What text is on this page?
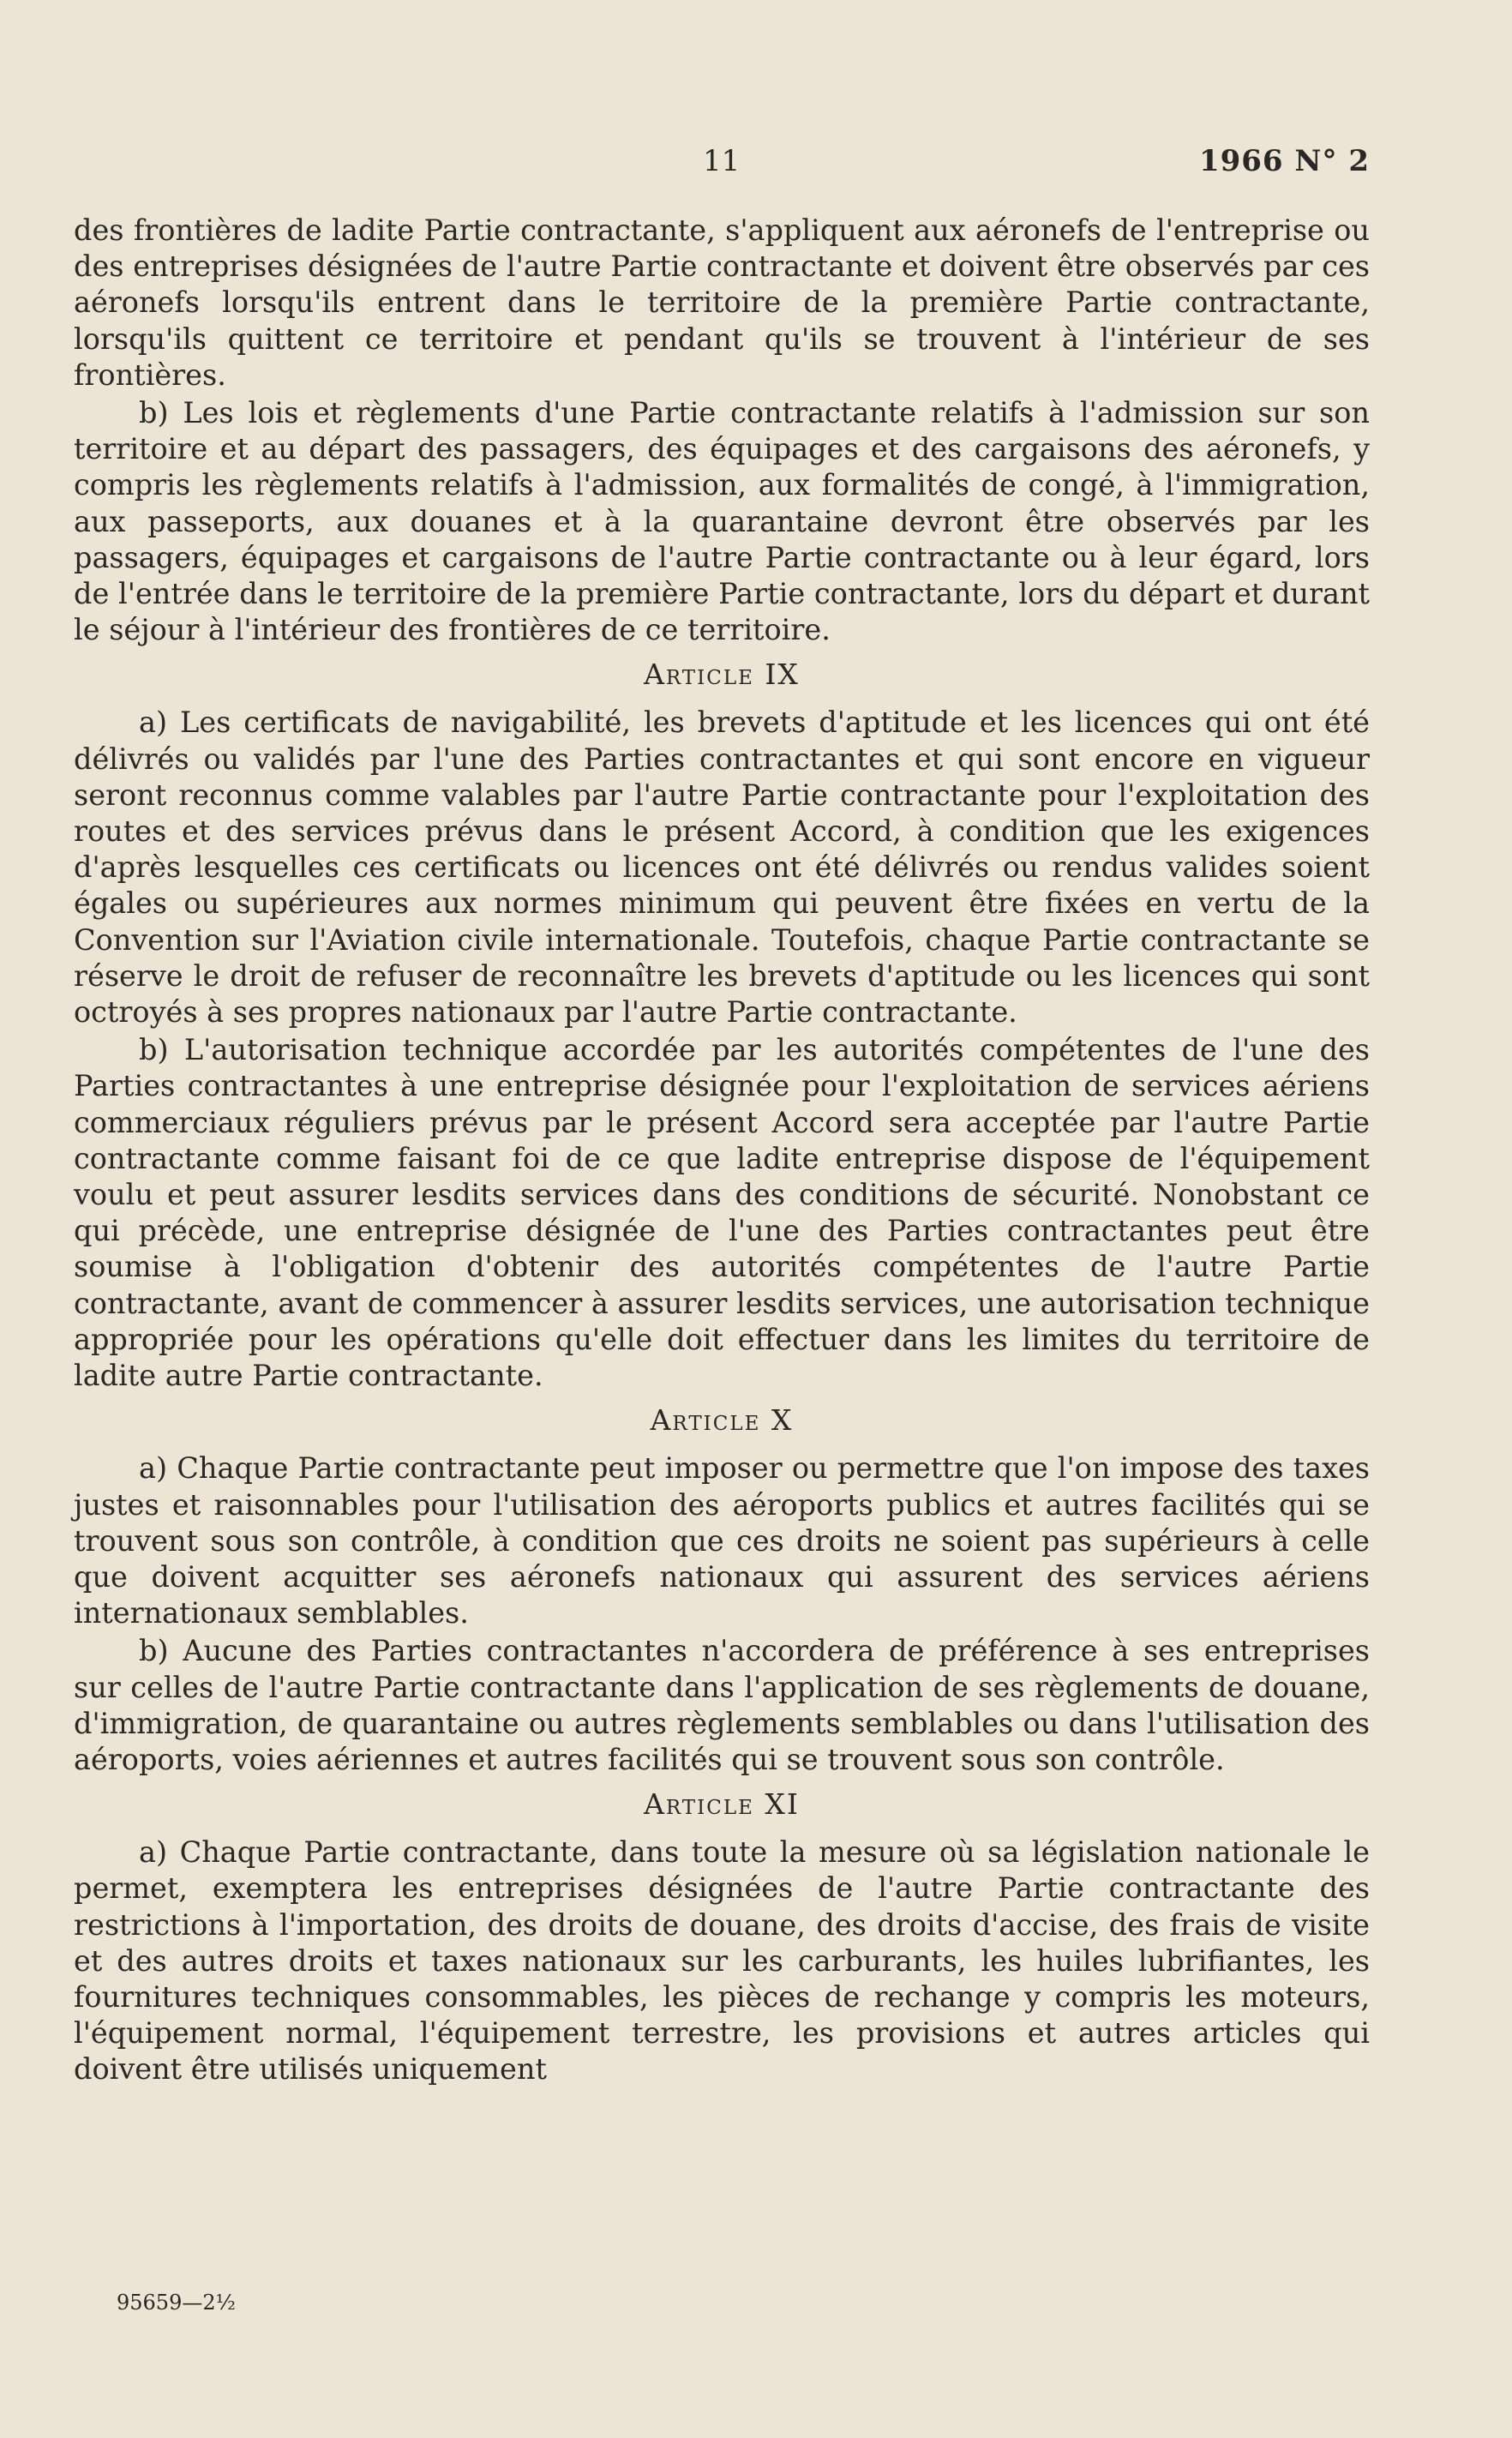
11	1966 N° 2

des frontières de ladite Partie contractante, s'appliquent aux aéronefs de l'entreprise ou des entreprises désignées de l'autre Partie contractante et doivent être observés par ces aéronefs lorsqu'ils entrent dans le territoire de la première Partie contractante, lorsqu'ils quittent ce territoire et pendant qu'ils se trouvent à l'intérieur de ses frontières.

b) Les lois et règlements d'une Partie contractante relatifs à l'admission sur son territoire et au départ des passagers, des équipages et des cargaisons des aéronefs, y compris les règlements relatifs à l'admission, aux formalités de congé, à l'immigration, aux passeports, aux douanes et à la quarantaine devront être observés par les passagers, équipages et cargaisons de l'autre Partie contractante ou à leur égard, lors de l'entrée dans le territoire de la première Partie contractante, lors du départ et durant le séjour à l'intérieur des frontières de ce territoire.

Article IX

a) Les certificats de navigabilité, les brevets d'aptitude et les licences qui ont été délivrés ou validés par l'une des Parties contractantes et qui sont encore en vigueur seront reconnus comme valables par l'autre Partie contractante pour l'exploitation des routes et des services prévus dans le présent Accord, à condition que les exigences d'après lesquelles ces certificats ou licences ont été délivrés ou rendus valides soient égales ou supérieures aux normes minimum qui peuvent être fixées en vertu de la Convention sur l'Aviation civile internationale. Toutefois, chaque Partie contractante se réserve le droit de refuser de reconnaître les brevets d'aptitude ou les licences qui sont octroyés à ses propres nationaux par l'autre Partie contractante.

b) L'autorisation technique accordée par les autorités compétentes de l'une des Parties contractantes à une entreprise désignée pour l'exploitation de services aériens commerciaux réguliers prévus par le présent Accord sera acceptée par l'autre Partie contractante comme faisant foi de ce que ladite entreprise dispose de l'équipement voulu et peut assurer lesdits services dans des conditions de sécurité. Nonobstant ce qui précède, une entreprise désignée de l'une des Parties contractantes peut être soumise à l'obligation d'obtenir des autorités compétentes de l'autre Partie contractante, avant de commencer à assurer lesdits services, une autorisation technique appropriée pour les opérations qu'elle doit effectuer dans les limites du territoire de ladite autre Partie contractante.

Article X

a) Chaque Partie contractante peut imposer ou permettre que l'on impose des taxes justes et raisonnables pour l'utilisation des aéroports publics et autres facilités qui se trouvent sous son contrôle, à condition que ces droits ne soient pas supérieurs à celle que doivent acquitter ses aéronefs nationaux qui assurent des services aériens internationaux semblables.

b) Aucune des Parties contractantes n'accordera de préférence à ses entreprises sur celles de l'autre Partie contractante dans l'application de ses règlements de douane, d'immigration, de quarantaine ou autres règlements semblables ou dans l'utilisation des aéroports, voies aériennes et autres facilités qui se trouvent sous son contrôle.

Article XI

a) Chaque Partie contractante, dans toute la mesure où sa législation nationale le permet, exemptera les entreprises désignées de l'autre Partie contractante des restrictions à l'importation, des droits de douane, des droits d'accise, des frais de visite et des autres droits et taxes nationaux sur les carburants, les huiles lubrifiantes, les fournitures techniques consommables, les pièces de rechange y compris les moteurs, l'équipement normal, l'équipement terrestre, les provisions et autres articles qui doivent être utilisés uniquement

95659—2½
